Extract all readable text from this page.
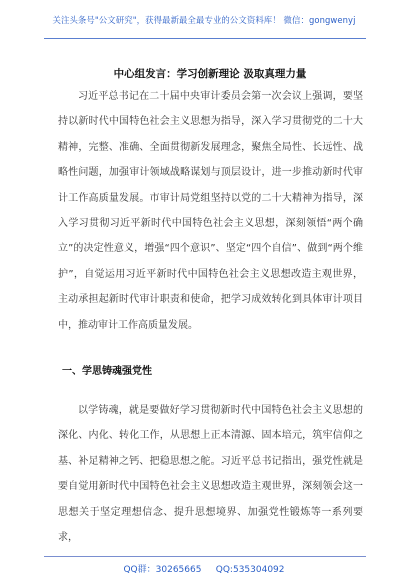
关注头条号"公文研究"，获得最新最全最专业的公文资料库！ 微信：gongwenyj
中心组发言：学习创新理论 汲取真理力量
习近平总书记在二十届中央审计委员会第一次会议上强调，要坚持以新时代中国特色社会主义思想为指导，深入学习贯彻党的二十大精神，完整、准确、全面贯彻新发展理念，聚焦全局性、长远性、战略性问题，加强审计领域战略谋划与顶层设计，进一步推动新时代审计工作高质量发展。市审计局党组坚持以党的二十大精神为指导，深入学习贯彻习近平新时代中国特色社会主义思想，深刻领悟“两个确立”的决定性意义，增强“四个意识”、坚定“四个自信”、做到“两个维护”，自觉运用习近平新时代中国特色社会主义思想改造主观世界，主动承担起新时代审计职责和使命，把学习成效转化到具体审计项目中，推动审计工作高质量发展。
一、学思铸魂强党性
以学铸魂，就是要做好学习贯彻新时代中国特色社会主义思想的深化、内化、转化工作，从思想上正本清源、固本培元，筑牢信仰之基、补足精神之钙、把稳思想之舵。习近平总书记指出，强党性就是要自觉用新时代中国特色社会主义思想改造主观世界，深刻领会这一思想关于坚定理想信念、提升思想境界、加强党性锻炼等一系列要求，
QQ群：30265665 QQ:535304092
